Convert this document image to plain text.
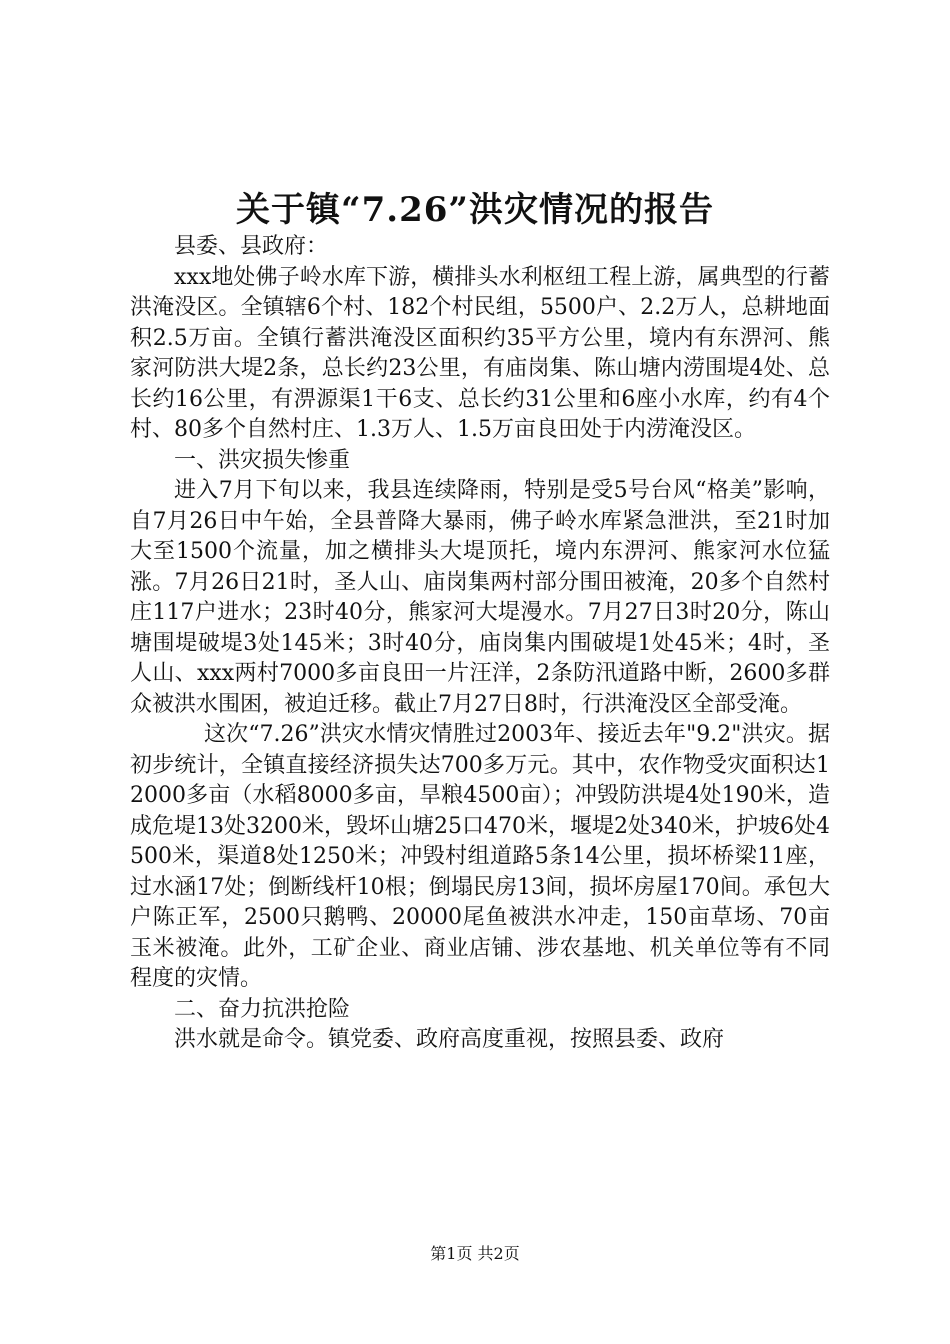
关于镇“7.26”洪灾情况的报告

县委、县政府：

xxx地处佛子岭水库下游，横排头水利枢纽工程上游，属典型的行蓄洪淹没区。全镇辖6个村、182个村民组，5500户、2.2万人，总耕地面积2.5万亩。全镇行蓄洪淹没区面积约35平方公里，境内有东淠河、熊家河防洪大堤2条，总长约23公里，有庙岗集、陈山塘内涝围堤4处、总长约16公里，有淠源渠1干6支、总长约31公里和6座小水库，约有4个村、80多个自然村庄、1.3万人、1.5万亩良田处于内涝淹没区。

一、洪灾损失惨重

进入7月下旬以来，我县连续降雨，特别是受5号台风“格美”影响，自7月26日中午始，全县普降大暴雨，佛子岭水库紧急泄洪，至21时加大至1500个流量，加之横排头大堤顶托，境内东淠河、熊家河水位猛涨。7月26日21时，圣人山、庙岗集两村部分围田被淹，20多个自然村庄117户进水；23时40分，熊家河大堤漫水。7月27日3时20分，陈山塘围堤破堤3处145米；3时40分，庙岗集内围破堤1处45米；4时，圣人山、xxx两村7000多亩良田一片汪洋，2条防汛道路中断，2600多群众被洪水围困，被迫迁移。截止7月27日8时，行洪淹没区全部受淹。

这次“7.26”洪灾水情灾情胜过2003年、接近去年"9.2"洪灾。据初步统计，全镇直接经济损失达700多万元。其中，农作物受灾面积达12000多亩（水稻8000多亩，旱粮4500亩）；冲毁防洪堤4处190米，造成危堤13处3200米，毁坏山塘25口470米，堰堤2处340米，护坡6处4500米，渠道8处1250米；冲毁村组道路5条14公里，损坏桥梁11座，过水涵17处；倒断线杆10根；倒塌民房13间，损坏房屋170间。承包大户陈正军，2500只鹅鸭、20000尾鱼被洪水冲走，150亩草场、70亩玉米被淹。此外，工矿企业、商业店铺、涉农基地、机关单位等有不同程度的灾情。

二、奋力抗洪抢险

洪水就是命令。镇党委、政府高度重视，按照县委、政府

第1页 共2页
